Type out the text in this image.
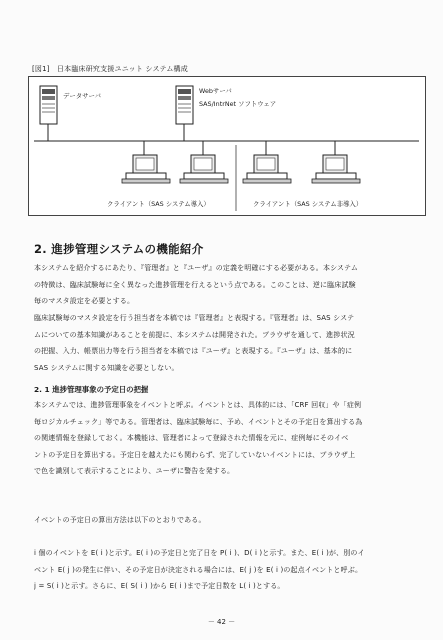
[図1]　日本臨床研究支援ユニット システム構成
データサーバ
Webサーバ
SAS/IntrNet ソフトウェア
クライアント（SAS システム導入）	クライアント（SAS システム非導入）
2. 進捗管理システムの機能紹介
本システムを紹介するにあたり、『管理者』と『ユーザ』の定義を明確にする必要がある。本システム
の特徴は、臨床試験毎に全く異なった進捗管理を行えるという点である。このことは、逆に臨床試験
毎のマスタ設定を必要とする。
臨床試験毎のマスタ設定を行う担当者を本稿では『管理者』と表現する。『管理者』は、SAS システ
ムについての基本知識があることを前提に、本システムは開発された。ブラウザを通して、進捗状況
の把握、入力、帳票出力等を行う担当者を本稿では『ユーザ』と表現する。『ユーザ』は、基本的に
SAS システムに関する知識を必要としない。
2. 1 進捗管理事象の予定日の把握
本システムでは、進捗管理事象をイベントと呼ぶ。イベントとは、具体的には、「CRF 回収」や「症例
毎ロジカルチェック」等である。管理者は、臨床試験毎に、予め、イベントとその予定日を算出する為
の関連情報を登録しておく。本機能は、管理者によって登録された情報を元に、症例毎にそのイベ
ントの予定日を算出する。予定日を越えたにも関わらず、完了していないイベントには、ブラウザ上
で色を識別して表示することにより、ユーザに警告を発する。
イベントの予定日の算出方法は以下のとおりである。
i 個のイベントを E( i )と示す。E( i )の予定日と完了日を P( i )、D( i )と示す。また、E( i )が、別のイ
ベント E( j )の発生に伴い、その予定日が決定される場合には、E( j )を E( i )の起点イベントと呼ぶ。
j = S( i )と示す。さらに、E( S( i ) )から E( i )まで予定日数を L( i )とする。
－ 42 －
